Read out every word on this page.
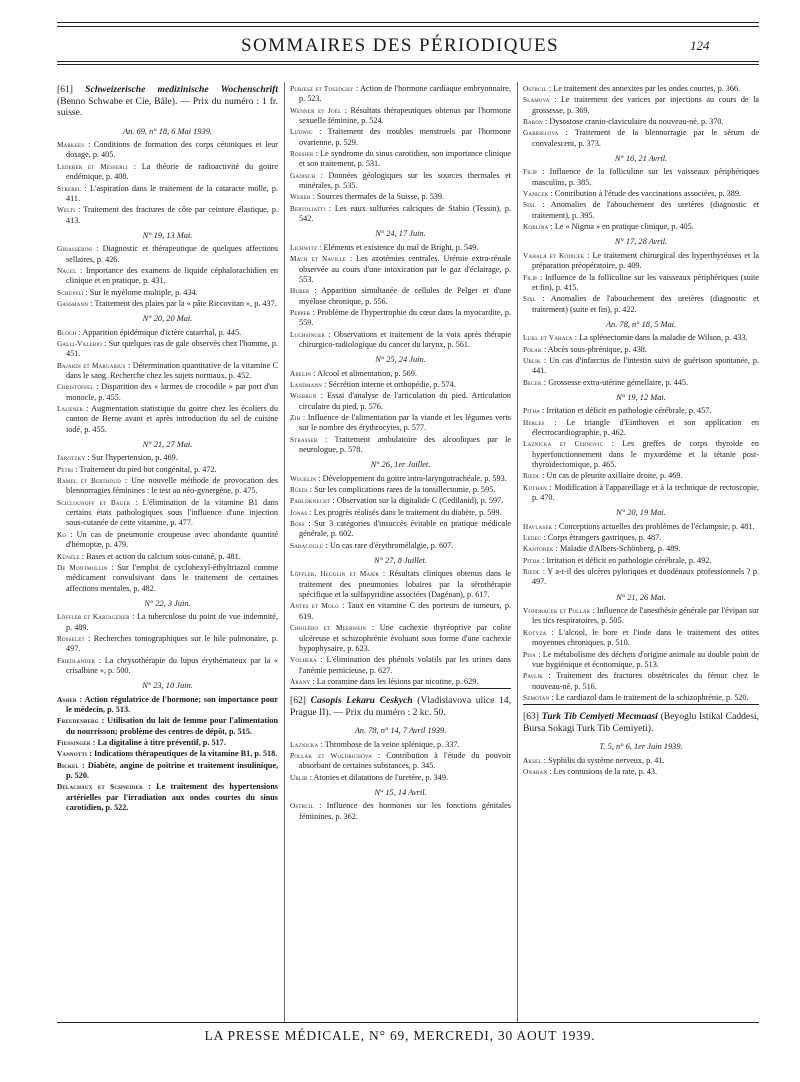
SOMMAIRES DES PÉRIODIQUES	124
[61] Schweizerische medizinische Wochenschrift (Benno Schwabe et Cie, Bâle). — Prix du numéro : 1 fr. suisse.
An. 69, n° 18, 6 Mai 1939.
Markees : Conditions de formation des corps cétoniques et leur dosage, p. 405.
Lederer et Messerli : La théorie de radioactivité du goitre endémique, p. 408.
Strebel : L'aspiration dans le traitement de la cataracte molle, p. 411.
Welti : Traitement des fractures de côte par ceinture élastique, p. 413.
N° 19, 13 Mai.
Ghiasserini : Diagnostic et thérapeutique de quelques affections sellaires, p. 426.
Nagel : Importance des examens de liquide céphalorachidien en clinique et en pratique, p. 431.
Schüpfli : Sur le myélome multiple, p. 434.
Gassmann : Traitement des plaies par la « pâte Riccovitan », p. 437.
N° 20, 20 Mai.
Bloch : Apparition épidémique d'ictère catarrhal, p. 445.
Galli-Valerio : Sur quelques cas de gale observés chez l'homme, p. 451.
Bajardi et Margarius : Détermination quantitative de la vitamine C dans le sang. Recherche chez les sujets normaux, p. 452.
Christoffel : Disparition des « larmes de crocodile » par port d'un monocle, p. 455.
Lauener : Augmentation statistique du goitre chez les écoliers du canton de Berne avant et après introduction du sel de cuisine iodé, p. 455.
N° 21, 27 Mai.
Jarotzky : Sur l'hypertension, p. 469.
Petri : Traitement du pied bot congénital, p. 472.
Ramel et Berthoud : Une nouvelle méthode de provocation des blennorragies féminines : le test au néo-gynergène, p. 475.
Sciclounoff et Bauer : L'élimination de la vitamine B1 dans certains états pathologiques sous l'influence d'une injection sous-cutanée de cette vitamine, p. 477.
Ko : Un cas de pneumonie croupeuse avec abondante quantité d'hémoptæ, p. 479.
Künzle : Bases et action du calcium sous-cutané, p. 481.
De Montmollin : Sur l'emploi de cyclohexyl-éthyltriazol comme médicament convulsivant dans le traitement de certaines affections mentales, p. 482.
N° 22, 3 Juin.
Löffler et Kartagener : La tuberculose du point de vue indemnité, p. 489.
Rosselet : Recherches tomographiques sur le hile pulmonaire, p. 497.
Friedlander : La chrysothérapie du lupus érythémateux par la « crisalbine », p. 500.
N° 23, 10 Juin.
Asher : Action régulatrice de l'hormone; son importance pour le médecin, p. 513.
Freudenberg : Utilisation du lait de femme pour l'alimentation du nourrisson; problème des centres de dépôt, p. 515.
Fiessinger : La digitaline à titre préventif, p. 517.
Vannotti : Indications thérapeutiques de la vitamine B1, p. 518.
Bickel : Diabète, angine de poitrine et traitement insulinique, p. 520.
Delachaux et Schneider : Le traitement des hypertensions artérielles par l'irradiation aux ondes courtes du sinus carotidien, p. 522.
Purjesz et Toszöghy : Action de l'hormone cardiaque embryonnaire, p. 523.
Wenner et Joël : Résultats thérapeutiques obtenus par l'hormone sexuelle féminine, p. 524.
Ludwig : Traitement des troubles menstruels par l'hormone ovarienne, p. 529.
Rossier : Le syndrome du sinus carotidien, son importance clinique et son traitement, p. 531.
Gadisch : Données géologiques sur les sources thermales et minérales, p. 535.
Weber : Sources thermales de la Suisse, p. 539.
Bertoliatti : Les eaux sulfurées calciques de Stabio (Tessin), p. 542.
N° 24, 17 Juin.
Lichwitz : Eléments et existence du mal de Bright, p. 549.
Mach et Naville : Les azotémies centrales. Urémie extra-rénale observée au cours d'une intoxication par le gaz d'éclairage, p. 553.
Huber : Apparition simultanée de cellules de Pelger et d'une myélose chronique, p. 556.
Pepper : Problème de l'hypertrophie du cœur dans la myocardite, p. 559.
Luchsinger : Observations et traitement de la voix après thérapie chirurgico-radiologique du cancer du larynx, p. 561.
N° 25, 24 Juin.
Abelin : Alcool et alimentation, p. 569.
Landmann : Sécrétion interne et orthopédie, p. 574.
Wisbrun : Essai d'analyse de l'articulation du pied. Articulation circulaire du pied, p. 576.
Zih : Influence de l'alimentation par la viande et les légumes verts sur le nombre des érythrocytes, p. 577.
Strasser : Traitement ambulatoire des alcooliques par le neurologue, p. 578.
N° 26, 1er Juillet.
Wegelin : Développement du goitre intra-laryngotrachéale, p. 593.
Rüedi : Sur les complications rares de la tonsillectomie, p. 595.
Pahldknecht : Observation sur la digitalide C (Cedilanid), p. 597.
Jonas : Les progrès réalisés dans le traitement du diabète, p. 599.
Boss : Sur 3 catégories d'insuccès évitable en pratique médicale générale, p. 602.
Saracoglu : Un cas rare d'érythromélalgie, p. 607.
N° 27, 8 Juillet.
Löffler, Hegglin et Maier : Résultats cliniques obtenus dans le traitement des pneumonies lobaires par la sérothérapie spécifique et la sulfapyridine associées (Dagénan), p. 617.
Antes et Molo : Taux en vitamine C des porteurs de tumeurs, p. 619.
Chioléro et Meerwein : Une cachexie thyréoprive par colite ulcéreuse et schizophrénie évoluant sous forme d'une cachexie hypophysaire, p. 623.
Volhera : L'élimination des phénols volatils par les urines dans l'anémie pernicieuse, p. 627.
Arany : La coramine dans les lésions par nicotine, p. 629.
[62] Casopis Lekaru Ceskych (Vladislavova ulice 14, Prague II). — Prix du numéro : 2 kc. 50.
An. 78, n° 14, 7 Avril 1939.
Laznicka : Thrombose de la veine splénique, p. 337.
Pollak et Woldrichova : Contribution à l'étude du pouvoir absorbant de certaines substances, p. 345.
Ublir : Atonies et dilatations de l'uretère, p. 349.
N° 15, 14 Avril.
Ostrcil : Influence des hormones sur les fonctions génitales féminines, p. 362.
Ostrcil : Le traitement des annexites par les ondes courtes, p. 366.
Slamova : Le traitement des varices par injections au cours de la grossesse, p. 369.
Baron : Dysostose cranio-claviculaire du nouveau-né, p. 370.
Gabrielova : Traitement de la blennorragie par le sérum de convalescent, p. 373.
N° 16, 21 Avril.
Filip : Influence de la folliculine sur les vaisseaux périphériques masculins, p. 385.
Vanicek : Contribution à l'étude des vaccinations associées, p. 389.
Sixl : Anomalies de l'abouchement des uretères (diagnostic et traitement), p. 395.
Koblina : Le « Nigma » en pratique clinique, p. 405.
N° 17, 28 Avril.
Vahala et Kodicek : Le traitement chirurgical des hyperthyréoses et la préparation préopératoire, p. 409.
Filip : Influence de la folliculine sur les vaisseaux périphériques (suite et fin), p. 415.
Sixl : Anomalies de l'abouchement des uretères (diagnostic et traitement) (suite et fin), p. 422.
An. 78, n° 18, 5 Mai.
Lukl et Vahala : La splénectomie dans la maladie de Wilson, p. 433.
Polak : Abcès sous-phrénique, p. 438.
Ublik : Un cas d'infarctus de l'intestin suivi de guérison spontanée, p. 441.
Becek : Grossesse extra-utérine gémellaire, p. 445.
N° 19, 12 Mai.
Pitha : Irritation et déficit en pathologie cérébrale, p. 457.
Herles : Le triangle d'Einthoven et son application en électrocardiographie, p. 462.
Laznicka et Cernovic : Les greffes de corps thyroïde en hyperfonctionnement dans le myxœdème et la tétanie post-thyroïdectomique, p. 465.
Riedl : Un cas de pleurite axillaire droite, p. 469.
Kuthan : Modification à l'appareillage et à la technique de rectoscopie, p. 470.
N° 20, 19 Mai.
Havlasek : Conceptions actuelles des problèmes de l'éclampsie, p. 481.
Ledec : Corps étrangers gastriques, p. 487.
Kantorek : Maladie d'Albers-Schönberg, p. 489.
Pitha : Irritation et déficit en pathologie cérébrale, p. 492.
Riedl : Y a-t-il des ulcères pyloriques et duodénaux professionnels ? p. 497.
N° 21, 26 Mai.
Vondracek et Pollak : Influence de l'anesthésie générale par l'évipan sur les tics respiratoires, p. 505.
Kotyza : L'alcool, le bore et l'iode dans le traitement des otites moyennes chroniques, p. 510.
Pisa : Le métabolisme des déchets d'origine animale au double point de vue hygiénique et économique, p. 513.
Pavlik : Traitement des fractures obstétricales du fémur chez le nouveau-né, p. 516.
Semotan : Le cardiazol dans le traitement de la schizophrénie, p. 520.
[63] Turk Tib Cemiyeti Mecmuasi (Beyoglu Istikal Caddesi, Bursa Sokagi Turk Tib Cemiyeti).
T. 5, n° 6, 1er Juin 1939.
Aksel : Syphilis du système nerveux, p. 41.
Onaran : Les contusions de la rate, p. 43.
LA PRESSE MÉDICALE, N° 69, MERCREDI, 30 AOUT 1939.
